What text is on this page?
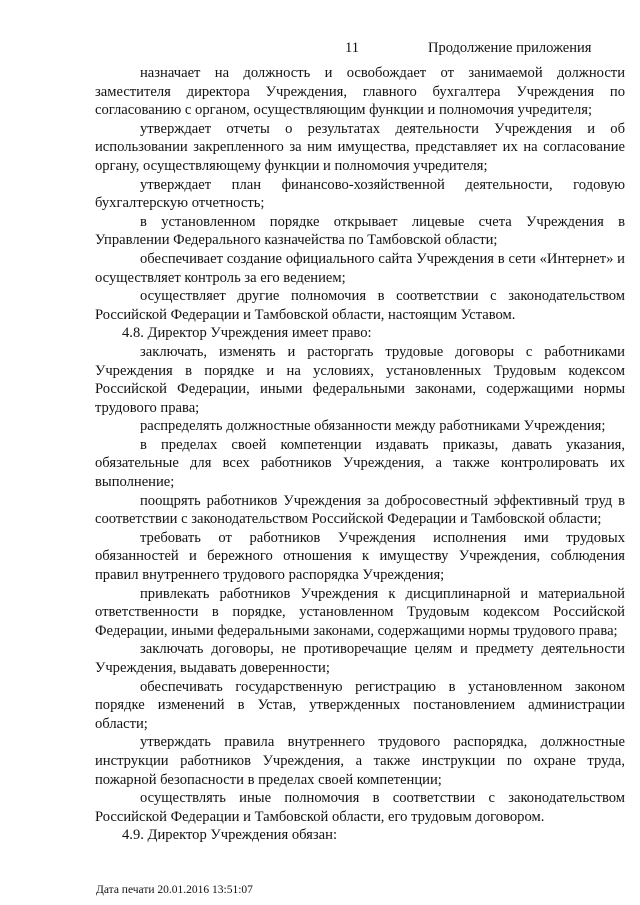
11	Продолжение приложения

назначает на должность и освобождает от занимаемой должности заместителя директора Учреждения, главного бухгалтера Учреждения по согласованию с органом, осуществляющим функции и полномочия учредителя;

утверждает отчеты о результатах деятельности Учреждения и об использовании закрепленного за ним имущества, представляет их на согласование органу, осуществляющему функции и полномочия учредителя;

утверждает план финансово-хозяйственной деятельности, годовую бухгалтерскую отчетность;

в установленном порядке открывает лицевые счета Учреждения в Управлении Федерального казначейства по Тамбовской области;

обеспечивает создание официального сайта Учреждения в сети «Интернет» и осуществляет контроль за его ведением;

осуществляет другие полномочия в соответствии с законодательством Российской Федерации и Тамбовской области, настоящим Уставом.

4.8. Директор Учреждения имеет право:

заключать, изменять и расторгать трудовые договоры с работниками Учреждения в порядке и на условиях, установленных Трудовым кодексом Российской Федерации, иными федеральными законами, содержащими нормы трудового права;

распределять должностные обязанности между работниками Учреждения;

в пределах своей компетенции издавать приказы, давать указания, обязательные для всех работников Учреждения, а также контролировать их выполнение;

поощрять работников Учреждения за добросовестный эффективный труд в соответствии с законодательством Российской Федерации и Тамбовской области;

требовать от работников Учреждения исполнения ими трудовых обязанностей и бережного отношения к имуществу Учреждения, соблюдения правил внутреннего трудового распорядка Учреждения;

привлекать работников Учреждения к дисциплинарной и материальной ответственности в порядке, установленном Трудовым кодексом Российской Федерации, иными федеральными законами, содержащими нормы трудового права;

заключать договоры, не противоречащие целям и предмету деятельности Учреждения, выдавать доверенности;

обеспечивать государственную регистрацию в установленном законом порядке изменений в Устав, утвержденных постановлением администрации области;

утверждать правила внутреннего трудового распорядка, должностные инструкции работников Учреждения, а также инструкции по охране труда, пожарной безопасности в пределах своей компетенции;

осуществлять иные полномочия в соответствии с законодательством Российской Федерации и Тамбовской области, его трудовым договором.

4.9. Директор Учреждения обязан:

Дата печати 20.01.2016 13:51:07
